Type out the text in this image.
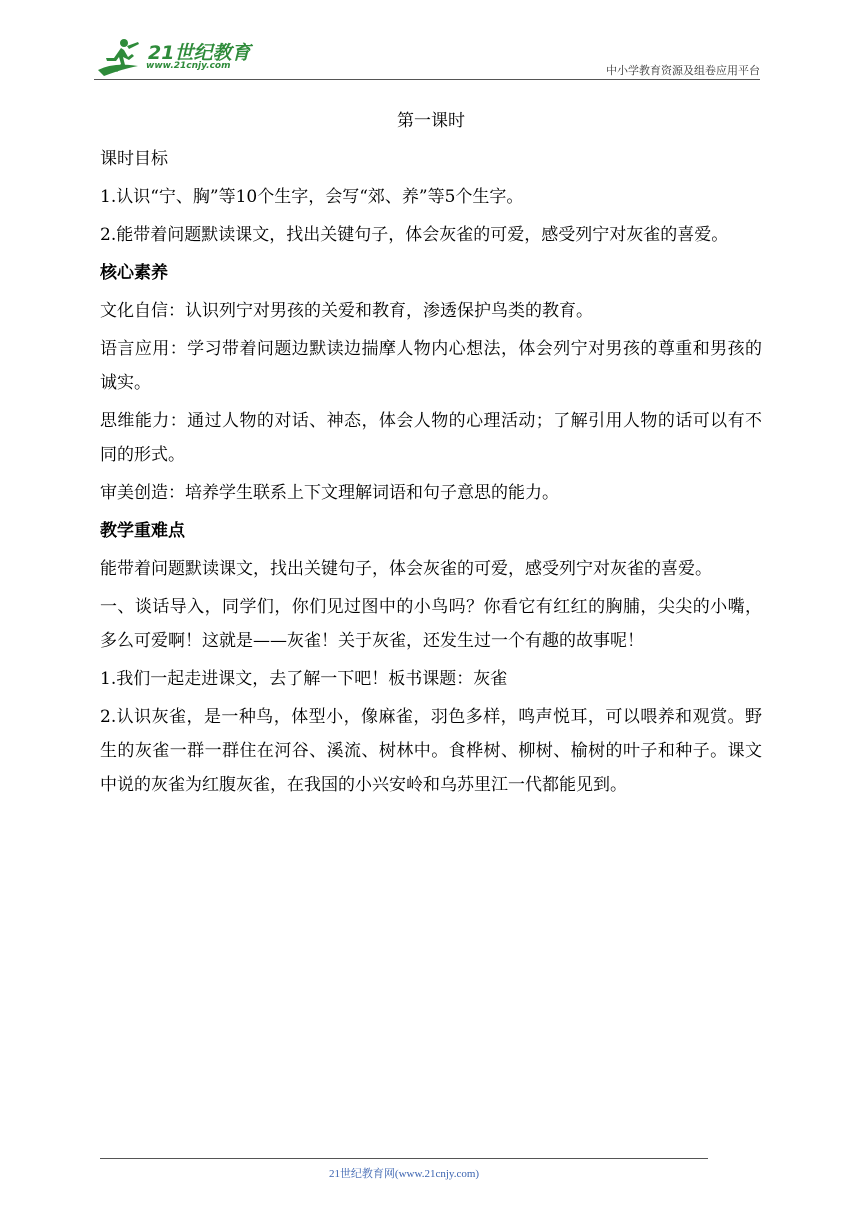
21世纪教育
www.21cnjy.com	中小学教育资源及组卷应用平台

第一课时

课时目标

1.认识“宁、胸”等10个生字，会写“郊、养”等5个生字。

2.能带着问题默读课文，找出关键句子，体会灰雀的可爱，感受列宁对灰雀的喜爱。

核心素养

文化自信：认识列宁对男孩的关爱和教育，渗透保护鸟类的教育。

语言应用：学习带着问题边默读边揣摩人物内心想法，体会列宁对男孩的尊重和男孩的诚实。

思维能力：通过人物的对话、神态，体会人物的心理活动；了解引用人物的话可以有不同的形式。

审美创造：培养学生联系上下文理解词语和句子意思的能力。

教学重难点

能带着问题默读课文，找出关键句子，体会灰雀的可爱，感受列宁对灰雀的喜爱。

一、谈话导入，同学们，你们见过图中的小鸟吗？你看它有红红的胸脯，尖尖的小嘴，多么可爱啊！这就是——灰雀！关于灰雀，还发生过一个有趣的故事呢！

1.我们一起走进课文，去了解一下吧！板书课题：灰雀

2.认识灰雀，是一种鸟，体型小，像麻雀，羽色多样，鸣声悦耳，可以喂养和观赏。野生的灰雀一群一群住在河谷、溪流、树林中。食桦树、柳树、榆树的叶子和种子。课文中说的灰雀为红腹灰雀，在我国的小兴安岭和乌苏里江一代都能见到。

21世纪教育网(www.21cnjy.com)
